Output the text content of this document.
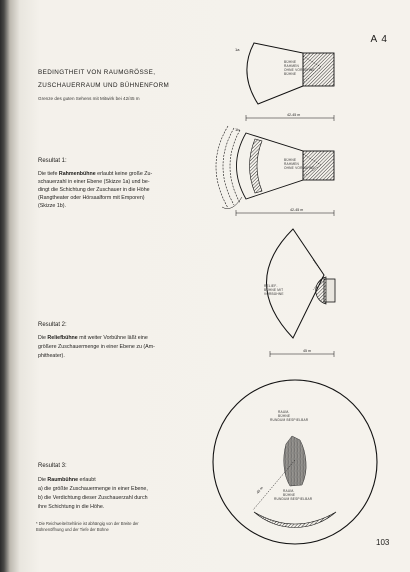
A 4
BEDINGTHEIT VON RAUMGRÖSSE,
ZUSCHAUERRAUM UND BÜHNENFORM
Grenze des guten Sehens mit Mitwirk bei 42/45 m
Resultat 1:
Die tiefe Rahmenbühne erlaubt keine große Zu-
schauerzahl in einer Ebene (Skizze 1a) und be-
dingt die Schichtung der Zuschauer in die Höhe
(Rangtheater oder Hörsaalform mit Emporen)
(Skizze 1b).
Resultat 2:
Die Reliefbühne mit weiter Vorbühne läßt eine
größere Zuschauermenge in einer Ebene zu (Am-
phitheater).
Resultat 3:
Die Raumbühne erlaubt
a) die größte Zuschauermenge in einer Ebene,
b) die Verdichtung dieser Zuschauerzahl durch
ihre Schichtung in die Höhe.
* Die Reichweite/Sehlinie ist abhängig von der Breite der
Bühnenöffnung und der Tiefe der Bühne
103
1a
BÜHNE
RAHMEN
OHNE VORBÜHNE
BÜHNE
42-45 m
1b
BÜHNE
RAHMEN
OHNE VORBÜHNE
42-45 m
RELIEF-
BÜHNE MIT
VORBÜHNE
45 m
45 m
RAUM-
BÜHNE
RUNDUM BESPIELBAR
RAUM-
BÜHNE
RUNDUM BESPIELBAR
